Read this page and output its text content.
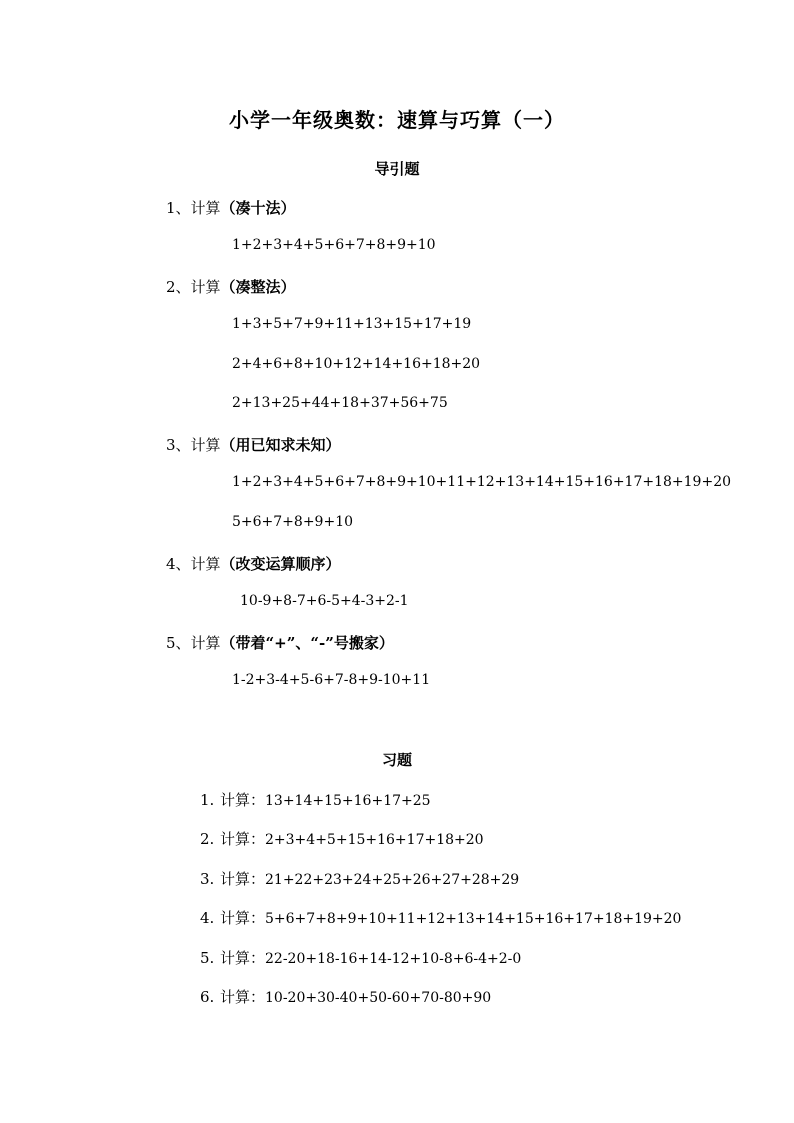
小学一年级奥数：速算与巧算（一）
导引题
1、计算（凑十法）
1+2+3+4+5+6+7+8+9+10
2、计算（凑整法）
1+3+5+7+9+11+13+15+17+19
2+4+6+8+10+12+14+16+18+20
2+13+25+44+18+37+56+75
3、计算（用已知求未知）
1+2+3+4+5+6+7+8+9+10+11+12+13+14+15+16+17+18+19+20
5+6+7+8+9+10
4、计算（改变运算顺序）
10-9+8-7+6-5+4-3+2-1
5、计算（带着“+”、“-”号搬家）
1-2+3-4+5-6+7-8+9-10+11
习题
1. 计算：13+14+15+16+17+25
2. 计算：2+3+4+5+15+16+17+18+20
3. 计算：21+22+23+24+25+26+27+28+29
4. 计算：5+6+7+8+9+10+11+12+13+14+15+16+17+18+19+20
5. 计算：22-20+18-16+14-12+10-8+6-4+2-0
6. 计算：10-20+30-40+50-60+70-80+90
